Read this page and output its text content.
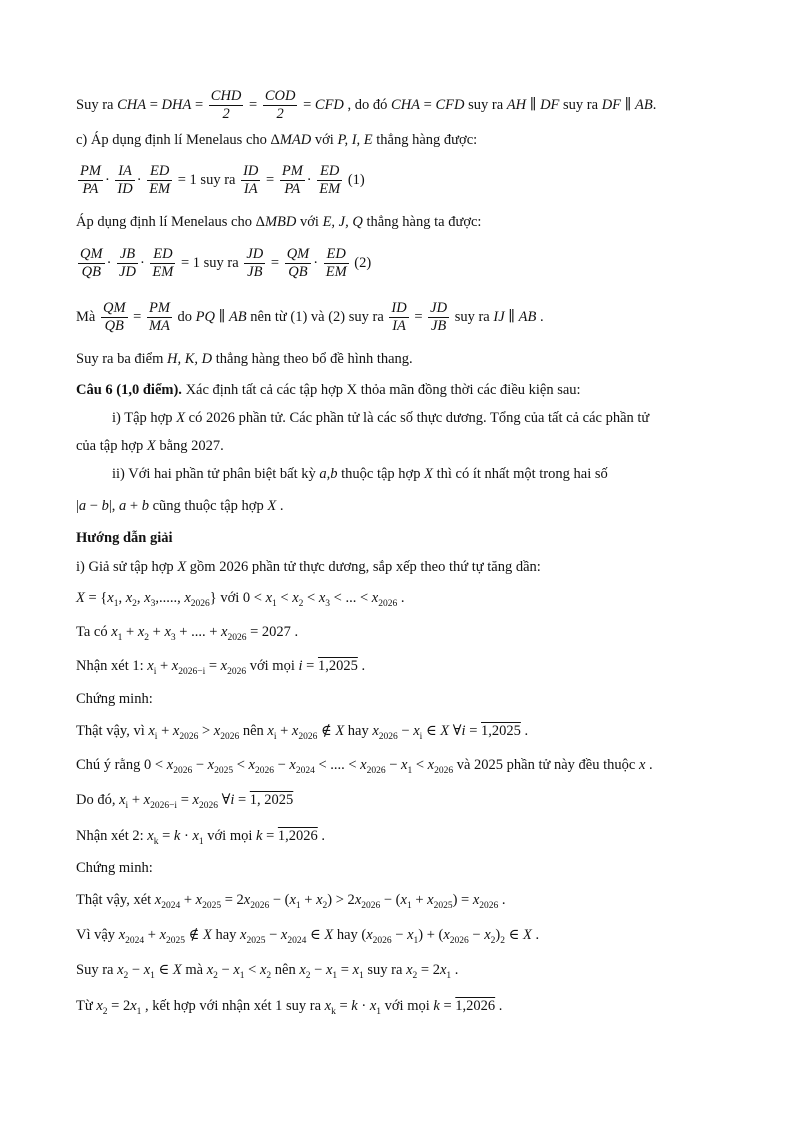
Suy ra CHA = DHA = $\frac{\text{CHD}}{2} = \frac{\text{COD}}{2}$ = CFD , do đó CHA = CFD suy ra AH ∥ DF suy ra DF ∥ AB.
c) Áp dụng định lí Menelaus cho ΔMAD với P, I, E thẳng hàng được:
$\frac{PM}{PA} \cdot \frac{IA}{ID} \cdot \frac{ED}{EM} = 1$ suy ra $\frac{ID}{IA} = \frac{PM}{PA} \cdot \frac{ED}{EM} (1)$
Áp dụng định lí Menelaus cho ΔMBD với E, J, Q thẳng hàng ta được:
$\frac{QM}{QB} \cdot \frac{JB}{JD} \cdot \frac{ED}{EM} = 1$ suy ra $\frac{JD}{JB} = \frac{QM}{QB} \cdot \frac{ED}{EM} (2)$
Mà $\frac{QM}{QB} = \frac{PM}{MA}$ do PQ ∥ AB nên từ (1) và (2) suy ra $\frac{ID}{IA} = \frac{JD}{JB}$ suy ra IJ ∥ AB .
Suy ra ba điểm H, K, D thẳng hàng theo bổ đề hình thang.
Câu 6 (1,0 điểm). Xác định tất cả các tập hợp X thỏa mãn đồng thời các điều kiện sau:
i) Tập hợp X có 2026 phần tử. Các phần tử là các số thực dương. Tổng của tất cả các phần tử
của tập hợp X bằng 2027.
ii) Với hai phần tử phân biệt bất kỳ a,b thuộc tập hợp X thì có ít nhất một trong hai số
|a − b|, a + b cũng thuộc tập hợp X .
Hướng dẫn giải
i) Giả sử tập hợp X gồm 2026 phần tử thực dương, sắp xếp theo thứ tự tăng dần:
$X = \{x_1$, $x_2$, $x_3$,....., $x_{2026}$} với $0 < x_1 < x_2 < x_3$ < ... < $x_{2026}$ .
Ta có $x_1 + x_2 + x_3$ + .... + $x_{2026} = 2027$ .
Nhận xét 1: $x_i + x_{2026-i} = x_{2026}$ với mọi i = 1,2025 .
Chứng minh:
Thật vậy, vì $x_i + x_{2026} > x_{2026}$ nên $x_i + x_{2026}$ ∉ X hay $x_{2026} - x_i$ ∈ X ∀i = 1,2025 .
Chú ý rằng $0 < x_{2026} - x_{2025} < x_{2026} - x_{2024}$ < .... < $x_{2026} - x_1 < x_{2026}$ và 2025 phần tử này đều thuộc x .
Do đó, $x_i + x_{2026-i} = x_{2026}$ ∀i = 1, 2025
Nhận xét 2: $x_k = k \cdot x_1$ với mọi k = 1,2026 .
Chứng minh:
Thật vậy, xét $x_{2024} + x_{2025} = 2x_{2026} - (x_1 + x_2) > 2x_{2026} - (x_1 + x_{2025}) = x_{2026}$ .
Vì vậy $x_{2024} + x_{2025}$ ∉ X hay $x_{2025} - x_{2024}$ ∈ X hay $(x_{2026} - x_1) + (x_{2026} - x_2)_2$ ∈ X .
Suy ra $x_2 - x_1$ ∈ X mà $x_2 - x_1 < x_2$ nên $x_2 - x_1 = x_1$ suy ra $x_2 = 2x_1$ .
Từ $x_2 = 2x_1$ , kết hợp với nhận xét 1 suy ra $x_k = k \cdot x_1$ với mọi k = 1,2026 .
